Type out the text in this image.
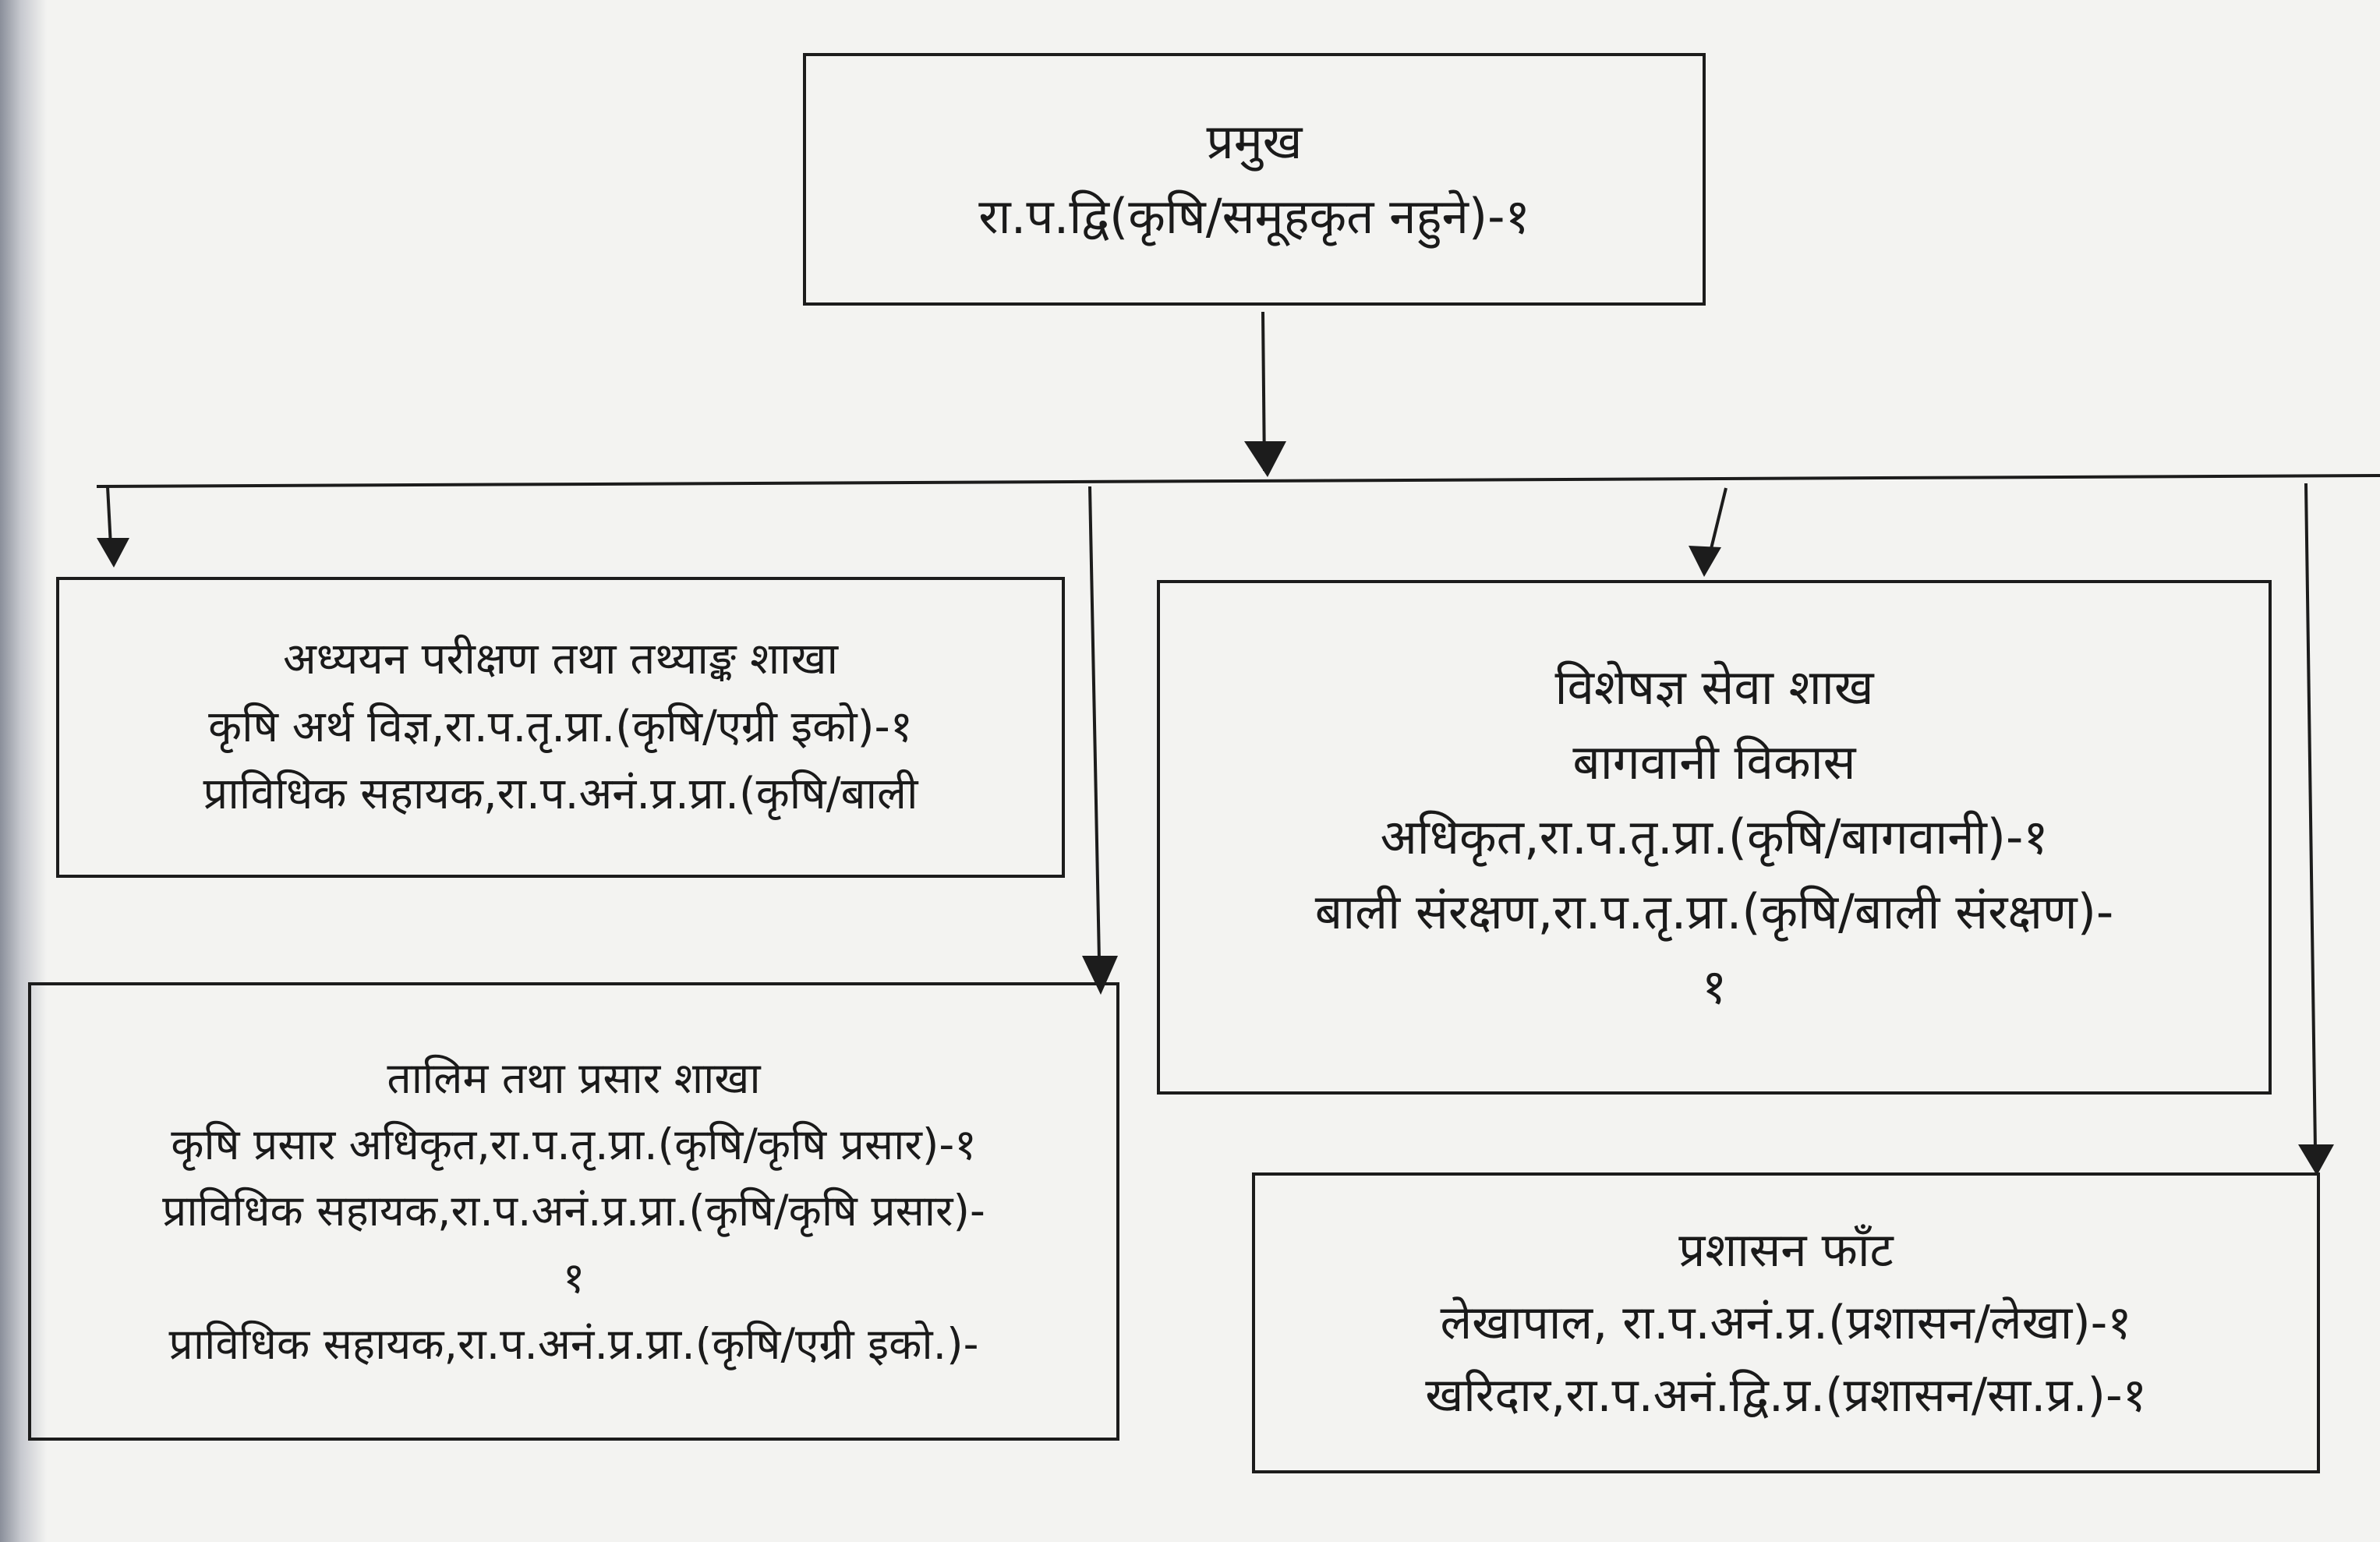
प्रमुख
रा.प.द्वि(कृषि/समूहकृत नहुने)-१
अध्ययन परीक्षण तथा तथ्याङ्क शाखा
कृषि अर्थ विज्ञ,रा.प.तृ.प्रा.(कृषि/एग्री इको)-१
प्राविधिक सहायक,रा.प.अनं.प्र.प्रा.(कृषि/बाली
तालिम तथा प्रसार शाखा
कृषि प्रसार अधिकृत,रा.प.तृ.प्रा.(कृषि/कृषि प्रसार)-१
प्राविधिक सहायक,रा.प.अनं.प्र.प्रा.(कृषि/कृषि प्रसार)-
१
प्राविधिक सहायक,रा.प.अनं.प्र.प्रा.(कृषि/एग्री इको.)-
विशेषज्ञ सेवा शाख
बागवानी विकास
अधिकृत,रा.प.तृ.प्रा.(कृषि/बागवानी)-१
बाली संरक्षण,रा.प.तृ.प्रा.(कृषि/बाली संरक्षण)-
१
प्रशासन फाँट
लेखापाल, रा.प.अनं.प्र.(प्रशासन/लेखा)-१
खरिदार,रा.प.अनं.द्वि.प्र.(प्रशासन/सा.प्र.)-१
